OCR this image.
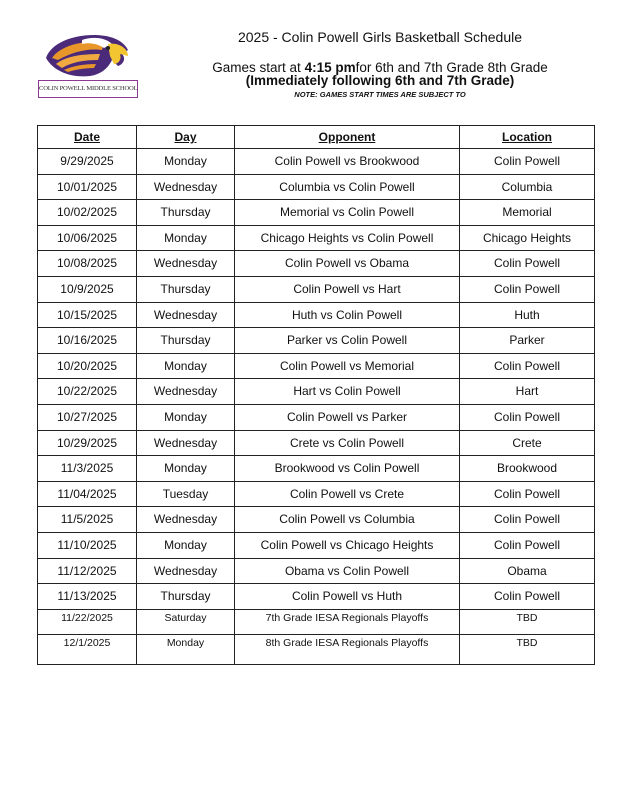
COLIN POWELL MIDDLE SCHOOL
2025 - Colin Powell Girls Basketball Schedule
Games start at 4:15 pmfor 6th and 7th Grade 8th Grade
(Immediately following 6th and 7th Grade)
NOTE: GAMES START TIMES ARE SUBJECT TO
Date	Day	Opponent	Location
9/29/2025	Monday	Colin Powell vs Brookwood	Colin Powell
10/01/2025	Wednesday	Columbia vs Colin Powell	Columbia
10/02/2025	Thursday	Memorial vs Colin Powell	Memorial
10/06/2025	Monday	Chicago Heights vs Colin Powell	Chicago Heights
10/08/2025	Wednesday	Colin Powell vs Obama	Colin Powell
10/9/2025	Thursday	Colin Powell vs Hart	Colin Powell
10/15/2025	Wednesday	Huth vs Colin Powell	Huth
10/16/2025	Thursday	Parker vs Colin Powell	Parker
10/20/2025	Monday	Colin Powell vs Memorial	Colin Powell
10/22/2025	Wednesday	Hart vs Colin Powell	Hart
10/27/2025	Monday	Colin Powell vs Parker	Colin Powell
10/29/2025	Wednesday	Crete vs Colin Powell	Crete
11/3/2025	Monday	Brookwood vs Colin Powell	Brookwood
11/04/2025	Tuesday	Colin Powell vs Crete	Colin Powell
11/5/2025	Wednesday	Colin Powell vs Columbia	Colin Powell
11/10/2025	Monday	Colin Powell vs Chicago Heights	Colin Powell
11/12/2025	Wednesday	Obama vs Colin Powell	Obama
11/13/2025	Thursday	Colin Powell vs Huth	Colin Powell
11/22/2025	Saturday	7th Grade IESA Regionals Playoffs	TBD
12/1/2025	Monday	8th Grade IESA Regionals Playoffs	TBD
